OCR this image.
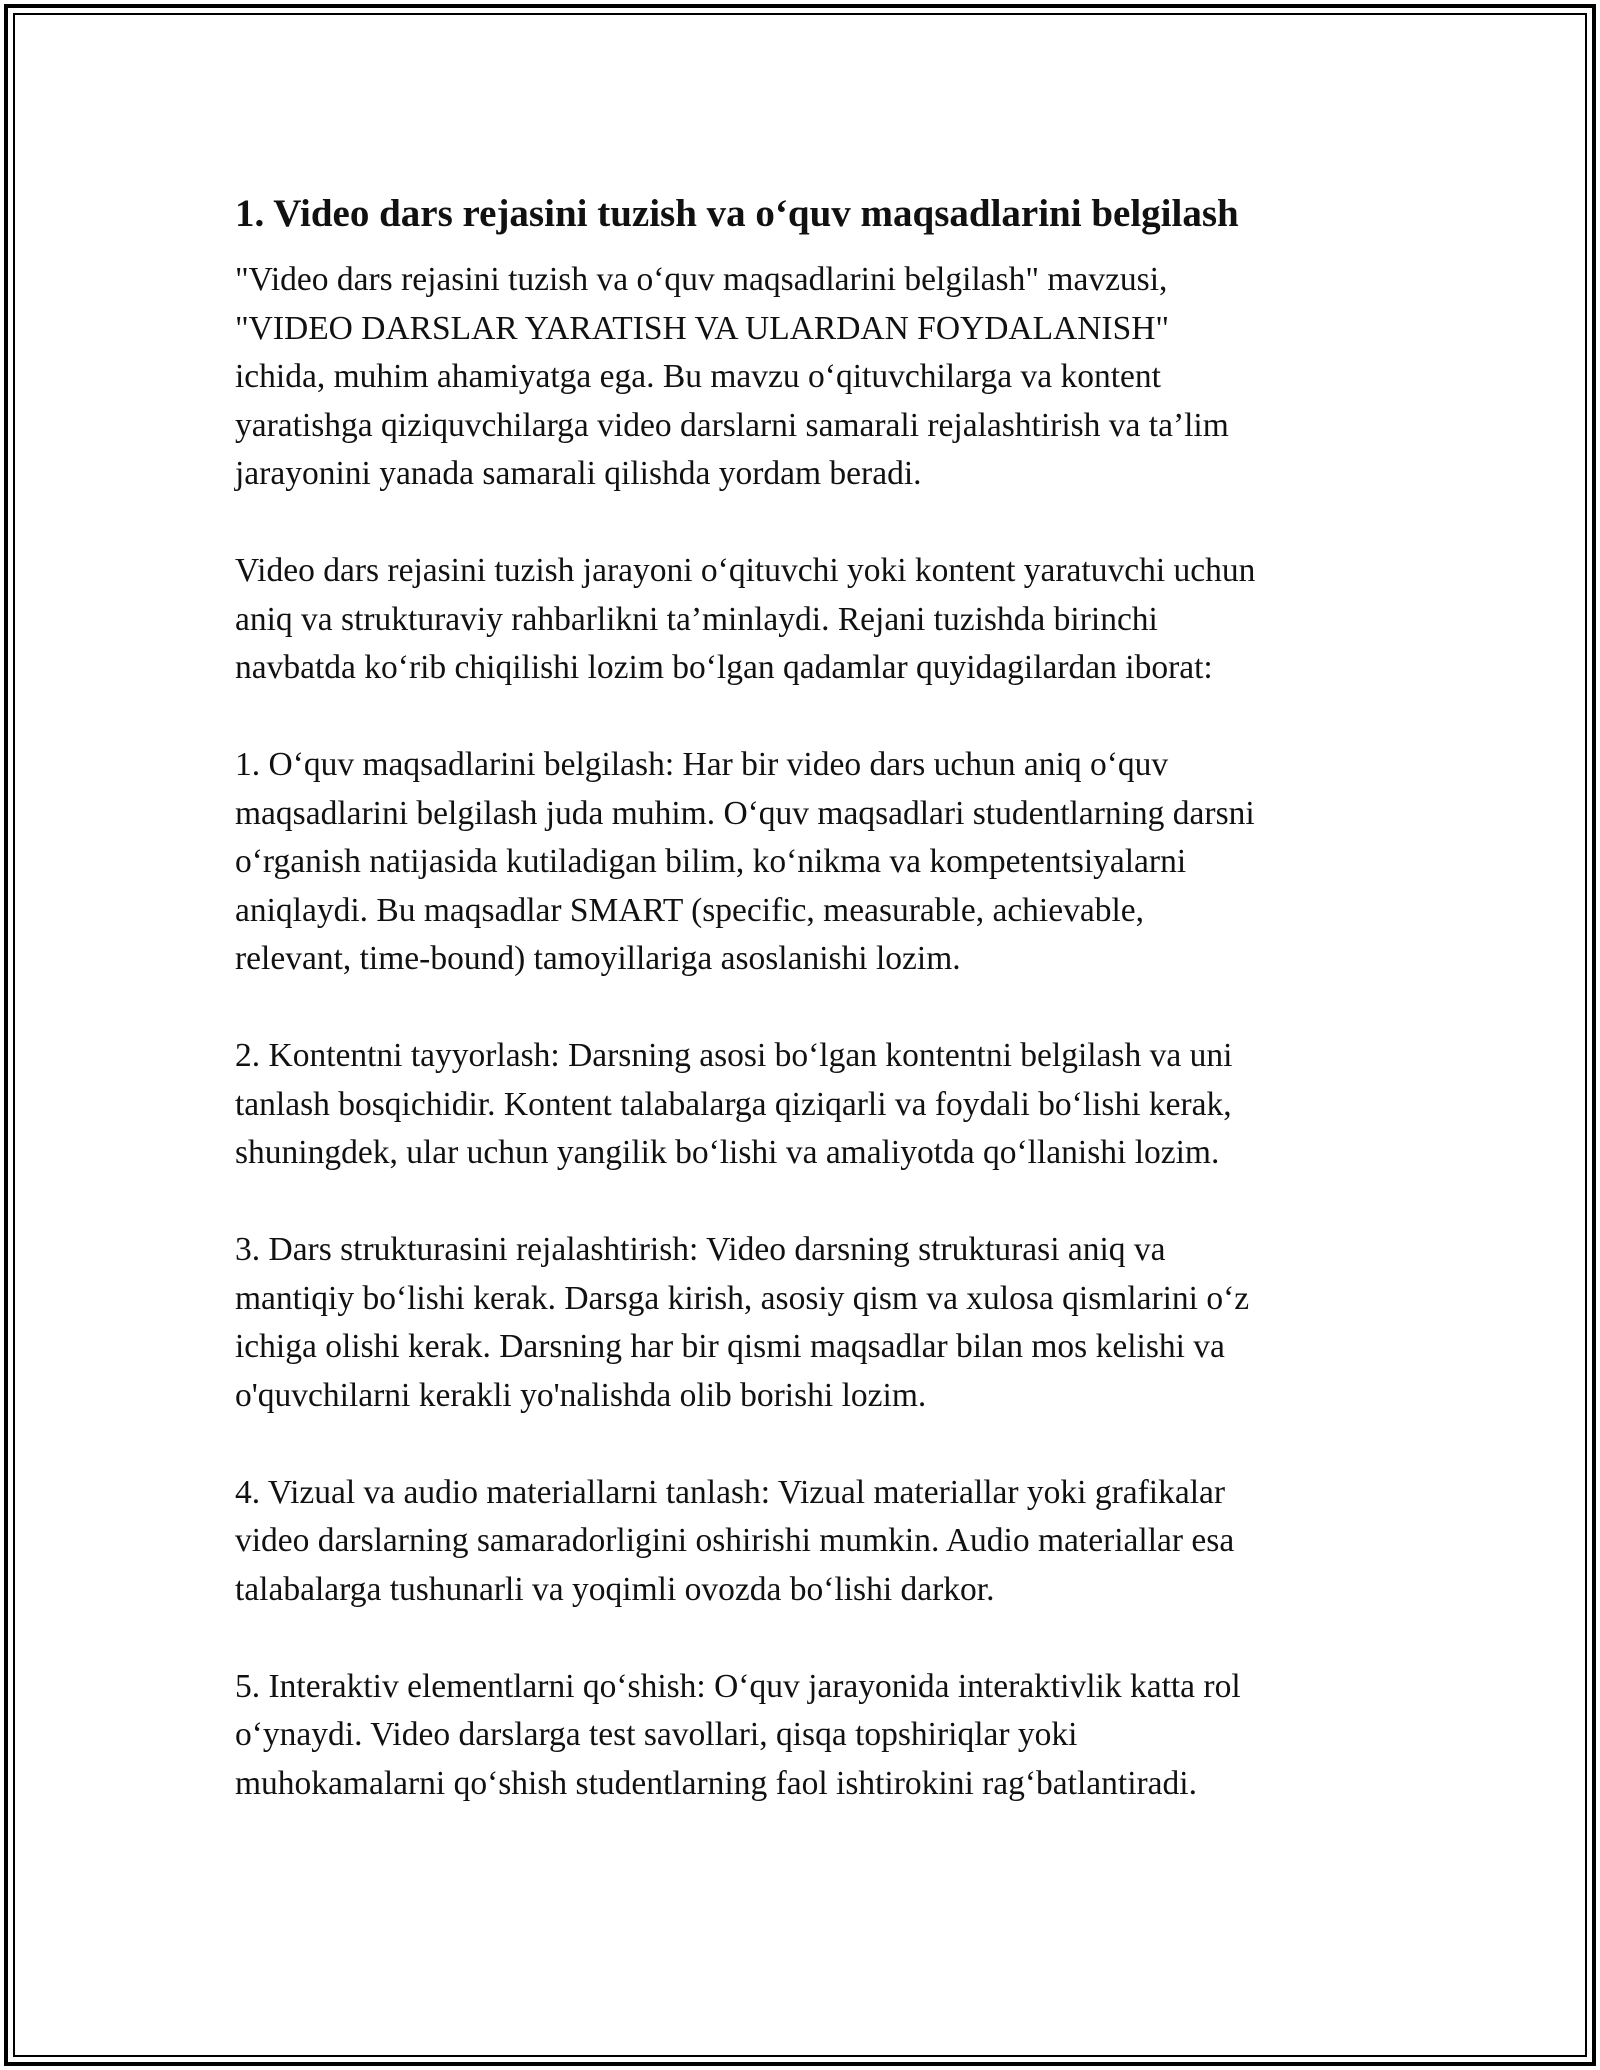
1. Video dars rejasini tuzish va o‘quv maqsadlarini belgilash

"Video dars rejasini tuzish va o‘quv maqsadlarini belgilash" mavzusi,
"VIDEO DARSLAR YARATISH VA ULARDAN FOYDALANISH"
ichida, muhim ahamiyatga ega. Bu mavzu o‘qituvchilarga va kontent
yaratishga qiziquvchilarga video darslarni samarali rejalashtirish va ta’lim
jarayonini yanada samarali qilishda yordam beradi.

Video dars rejasini tuzish jarayoni o‘qituvchi yoki kontent yaratuvchi uchun
aniq va strukturaviy rahbarlikni ta’minlaydi. Rejani tuzishda birinchi
navbatda ko‘rib chiqilishi lozim bo‘lgan qadamlar quyidagilardan iborat:

1. O‘quv maqsadlarini belgilash: Har bir video dars uchun aniq o‘quv
maqsadlarini belgilash juda muhim. O‘quv maqsadlari studentlarning darsni
o‘rganish natijasida kutiladigan bilim, ko‘nikma va kompetentsiyalarni
aniqlaydi. Bu maqsadlar SMART (specific, measurable, achievable,
relevant, time-bound) tamoyillariga asoslanishi lozim.

2. Kontentni tayyorlash: Darsning asosi bo‘lgan kontentni belgilash va uni
tanlash bosqichidir. Kontent talabalarga qiziqarli va foydali bo‘lishi kerak,
shuningdek, ular uchun yangilik bo‘lishi va amaliyotda qo‘llanishi lozim.

3. Dars strukturasini rejalashtirish: Video darsning strukturasi aniq va
mantiqiy bo‘lishi kerak. Darsga kirish, asosiy qism va xulosa qismlarini o‘z
ichiga olishi kerak. Darsning har bir qismi maqsadlar bilan mos kelishi va
o'quvchilarni kerakli yo'nalishda olib borishi lozim.

4. Vizual va audio materiallarni tanlash: Vizual materiallar yoki grafikalar
video darslarning samaradorligini oshirishi mumkin. Audio materiallar esa
talabalarga tushunarli va yoqimli ovozda bo‘lishi darkor.

5. Interaktiv elementlarni qo‘shish: O‘quv jarayonida interaktivlik katta rol
o‘ynaydi. Video darslarga test savollari, qisqa topshiriqlar yoki
muhokamalarni qo‘shish studentlarning faol ishtirokini rag‘batlantiradi.
